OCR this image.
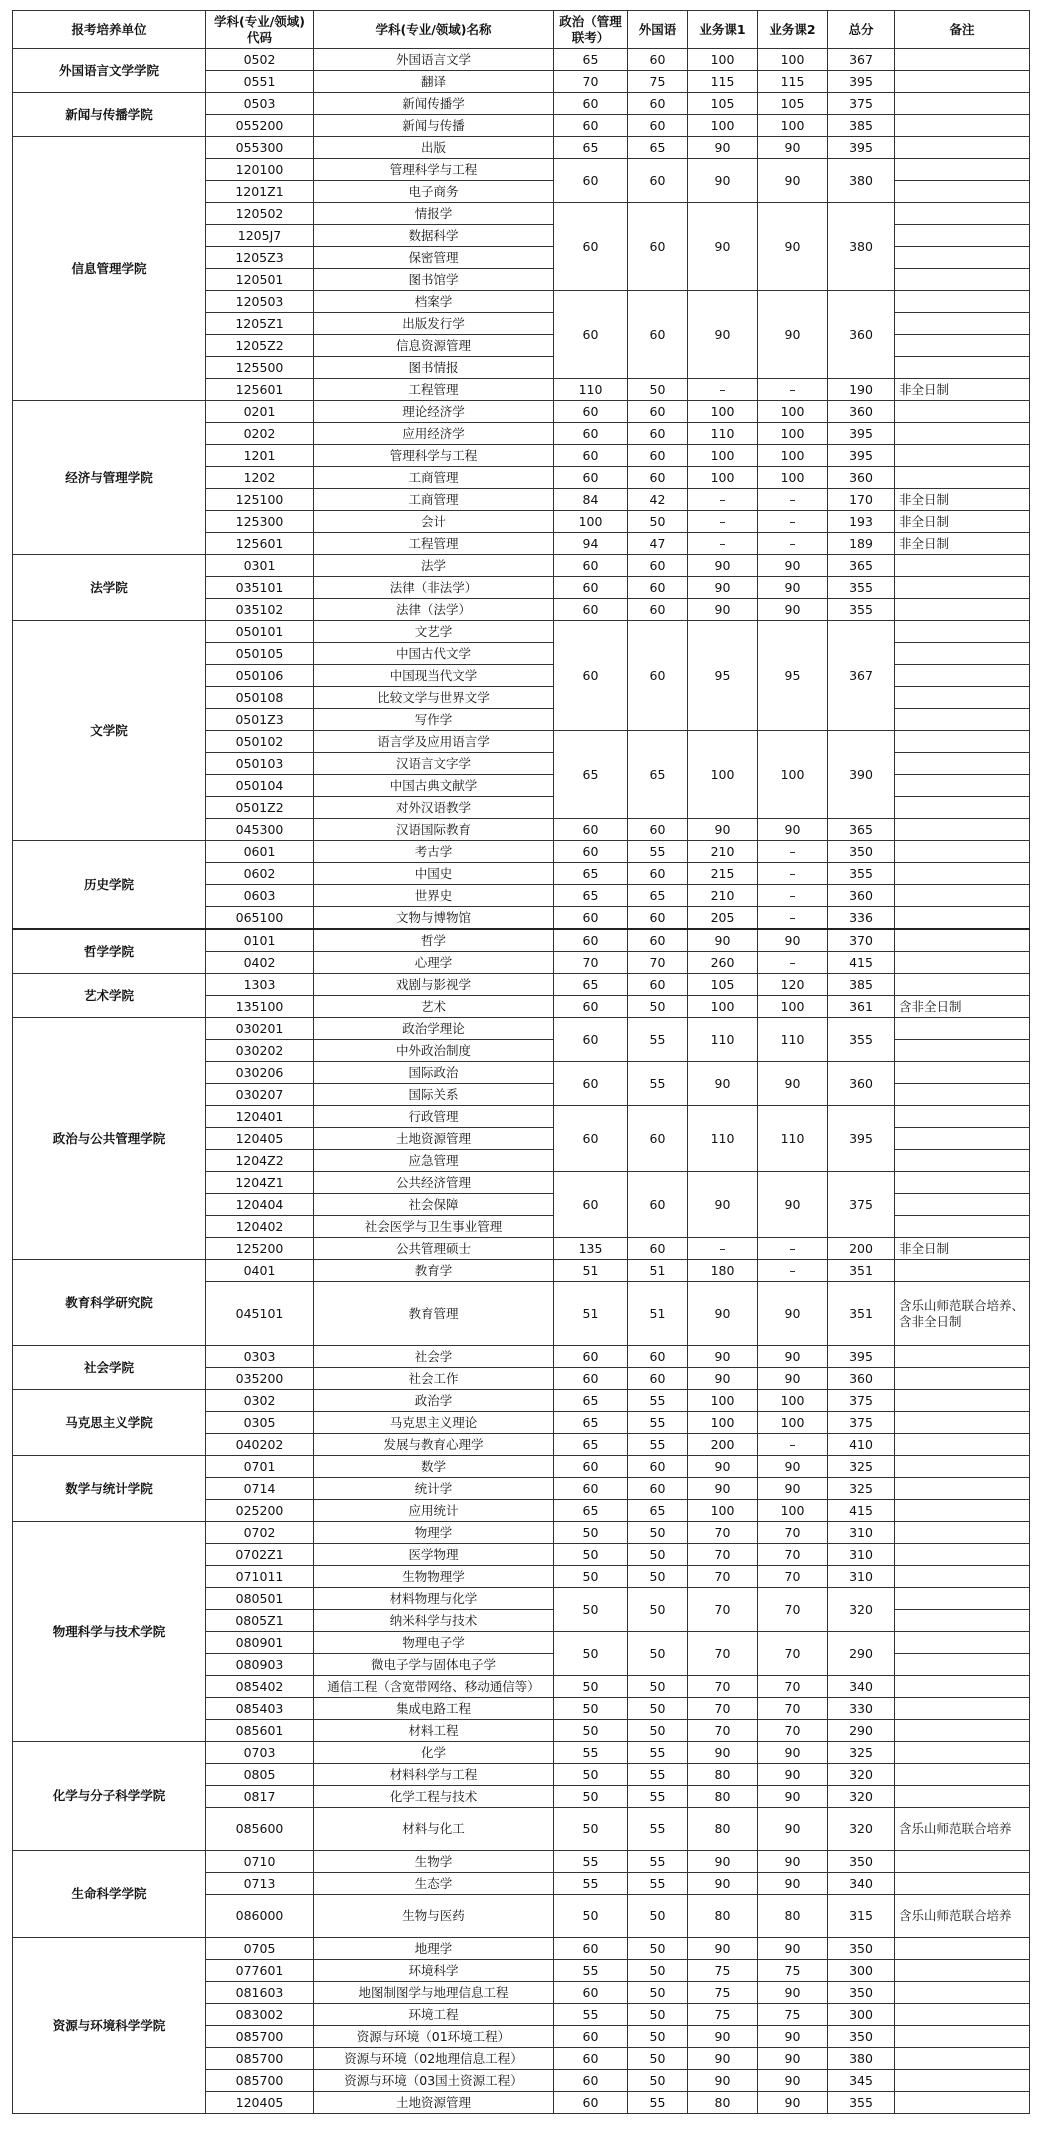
报考培养单位	学科(专业/领域)代码	学科(专业/领域)名称	政治（管理联考）	外国语	业务课1	业务课2	总分	备注
外国语言文学学院	0502	外国语言文学	65	60	100	100	367	
	0551	翻译	70	75	115	115	395	
新闻与传播学院	0503	新闻传播学	60	60	105	105	375	
	055200	新闻与传播	60	60	100	100	385	
信息管理学院	055300	出版	65	65	90	90	395	
	120100	管理科学与工程	60	60	90	90	380	
	1201Z1	电子商务						
	120502	情报学	60	60	90	90	380	
	1205J7	数据科学						
	1205Z3	保密管理						
	120501	图书馆学						
	120503	档案学	60	60	90	90	360	
	1205Z1	出版发行学						
	1205Z2	信息资源管理						
	125500	图书情报						
	125601	工程管理	110	50	–	–	190	非全日制
经济与管理学院	0201	理论经济学	60	60	100	100	360	
	0202	应用经济学	60	60	110	100	395	
	1201	管理科学与工程	60	60	100	100	395	
	1202	工商管理	60	60	100	100	360	
	125100	工商管理	84	42	–	–	170	非全日制
	125300	会计	100	50	–	–	193	非全日制
	125601	工程管理	94	47	–	–	189	非全日制
法学院	0301	法学	60	60	90	90	365	
	035101	法律（非法学）	60	60	90	90	355	
	035102	法律（法学）	60	60	90	90	355	
文学院	050101	文艺学	60	60	95	95	367	
	050105	中国古代文学						
	050106	中国现当代文学						
	050108	比较文学与世界文学						
	0501Z3	写作学						
	050102	语言学及应用语言学	65	65	100	100	390	
	050103	汉语言文字学						
	050104	中国古典文献学						
	0501Z2	对外汉语教学						
	045300	汉语国际教育	60	60	90	90	365	
历史学院	0601	考古学	60	55	210	–	350	
	0602	中国史	65	60	215	–	355	
	0603	世界史	65	65	210	–	360	
	065100	文物与博物馆	60	60	205	–	336	
哲学学院	0101	哲学	60	60	90	90	370	
	0402	心理学	70	70	260	–	415	
艺术学院	1303	戏剧与影视学	65	60	105	120	385	
	135100	艺术	60	50	100	100	361	含非全日制
政治与公共管理学院	030201	政治学理论	60	55	110	110	355	
	030202	中外政治制度						
	030206	国际政治	60	55	90	90	360	
	030207	国际关系						
	120401	行政管理	60	60	110	110	395	
	120405	土地资源管理						
	1204Z2	应急管理						
	1204Z1	公共经济管理	60	60	90	90	375	
	120404	社会保障						
	120402	社会医学与卫生事业管理						
	125200	公共管理硕士	135	60	–	–	200	非全日制
教育科学研究院	0401	教育学	51	51	180	–	351	
	045101	教育管理	51	51	90	90	351	含乐山师范联合培养、含非全日制
社会学院	0303	社会学	60	60	90	90	395	
	035200	社会工作	60	60	90	90	360	
马克思主义学院	0302	政治学	65	55	100	100	375	
	0305	马克思主义理论	65	55	100	100	375	
	040202	发展与教育心理学	65	55	200	–	410	
数学与统计学院	0701	数学	60	60	90	90	325	
	0714	统计学	60	60	90	90	325	
	025200	应用统计	65	65	100	100	415	
物理科学与技术学院	0702	物理学	50	50	70	70	310	
	0702Z1	医学物理	50	50	70	70	310	
	071011	生物物理学	50	50	70	70	310	
	080501	材料物理与化学	50	50	70	70	320	
	0805Z1	纳米科学与技术						
	080901	物理电子学	50	50	70	70	290	
	080903	微电子学与固体电子学						
	085402	通信工程（含宽带网络、移动通信等）	50	50	70	70	340	
	085403	集成电路工程	50	50	70	70	330	
	085601	材料工程	50	50	70	70	290	
化学与分子科学学院	0703	化学	55	55	90	90	325	
	0805	材料科学与工程	50	55	80	90	320	
	0817	化学工程与技术	50	55	80	90	320	
	085600	材料与化工	50	55	80	90	320	含乐山师范联合培养
生命科学学院	0710	生物学	55	55	90	90	350	
	0713	生态学	55	55	90	90	340	
	086000	生物与医药	50	50	80	80	315	含乐山师范联合培养
资源与环境科学学院	0705	地理学	60	50	90	90	350	
	077601	环境科学	55	50	75	75	300	
	081603	地图制图学与地理信息工程	60	50	75	90	350	
	083002	环境工程	55	50	75	75	300	
	085700	资源与环境（01环境工程）	60	50	90	90	350	
	085700	资源与环境（02地理信息工程）	60	50	90	90	380	
	085700	资源与环境（03国土资源工程）	60	50	90	90	345	
	120405	土地资源管理	60	55	80	90	355	
